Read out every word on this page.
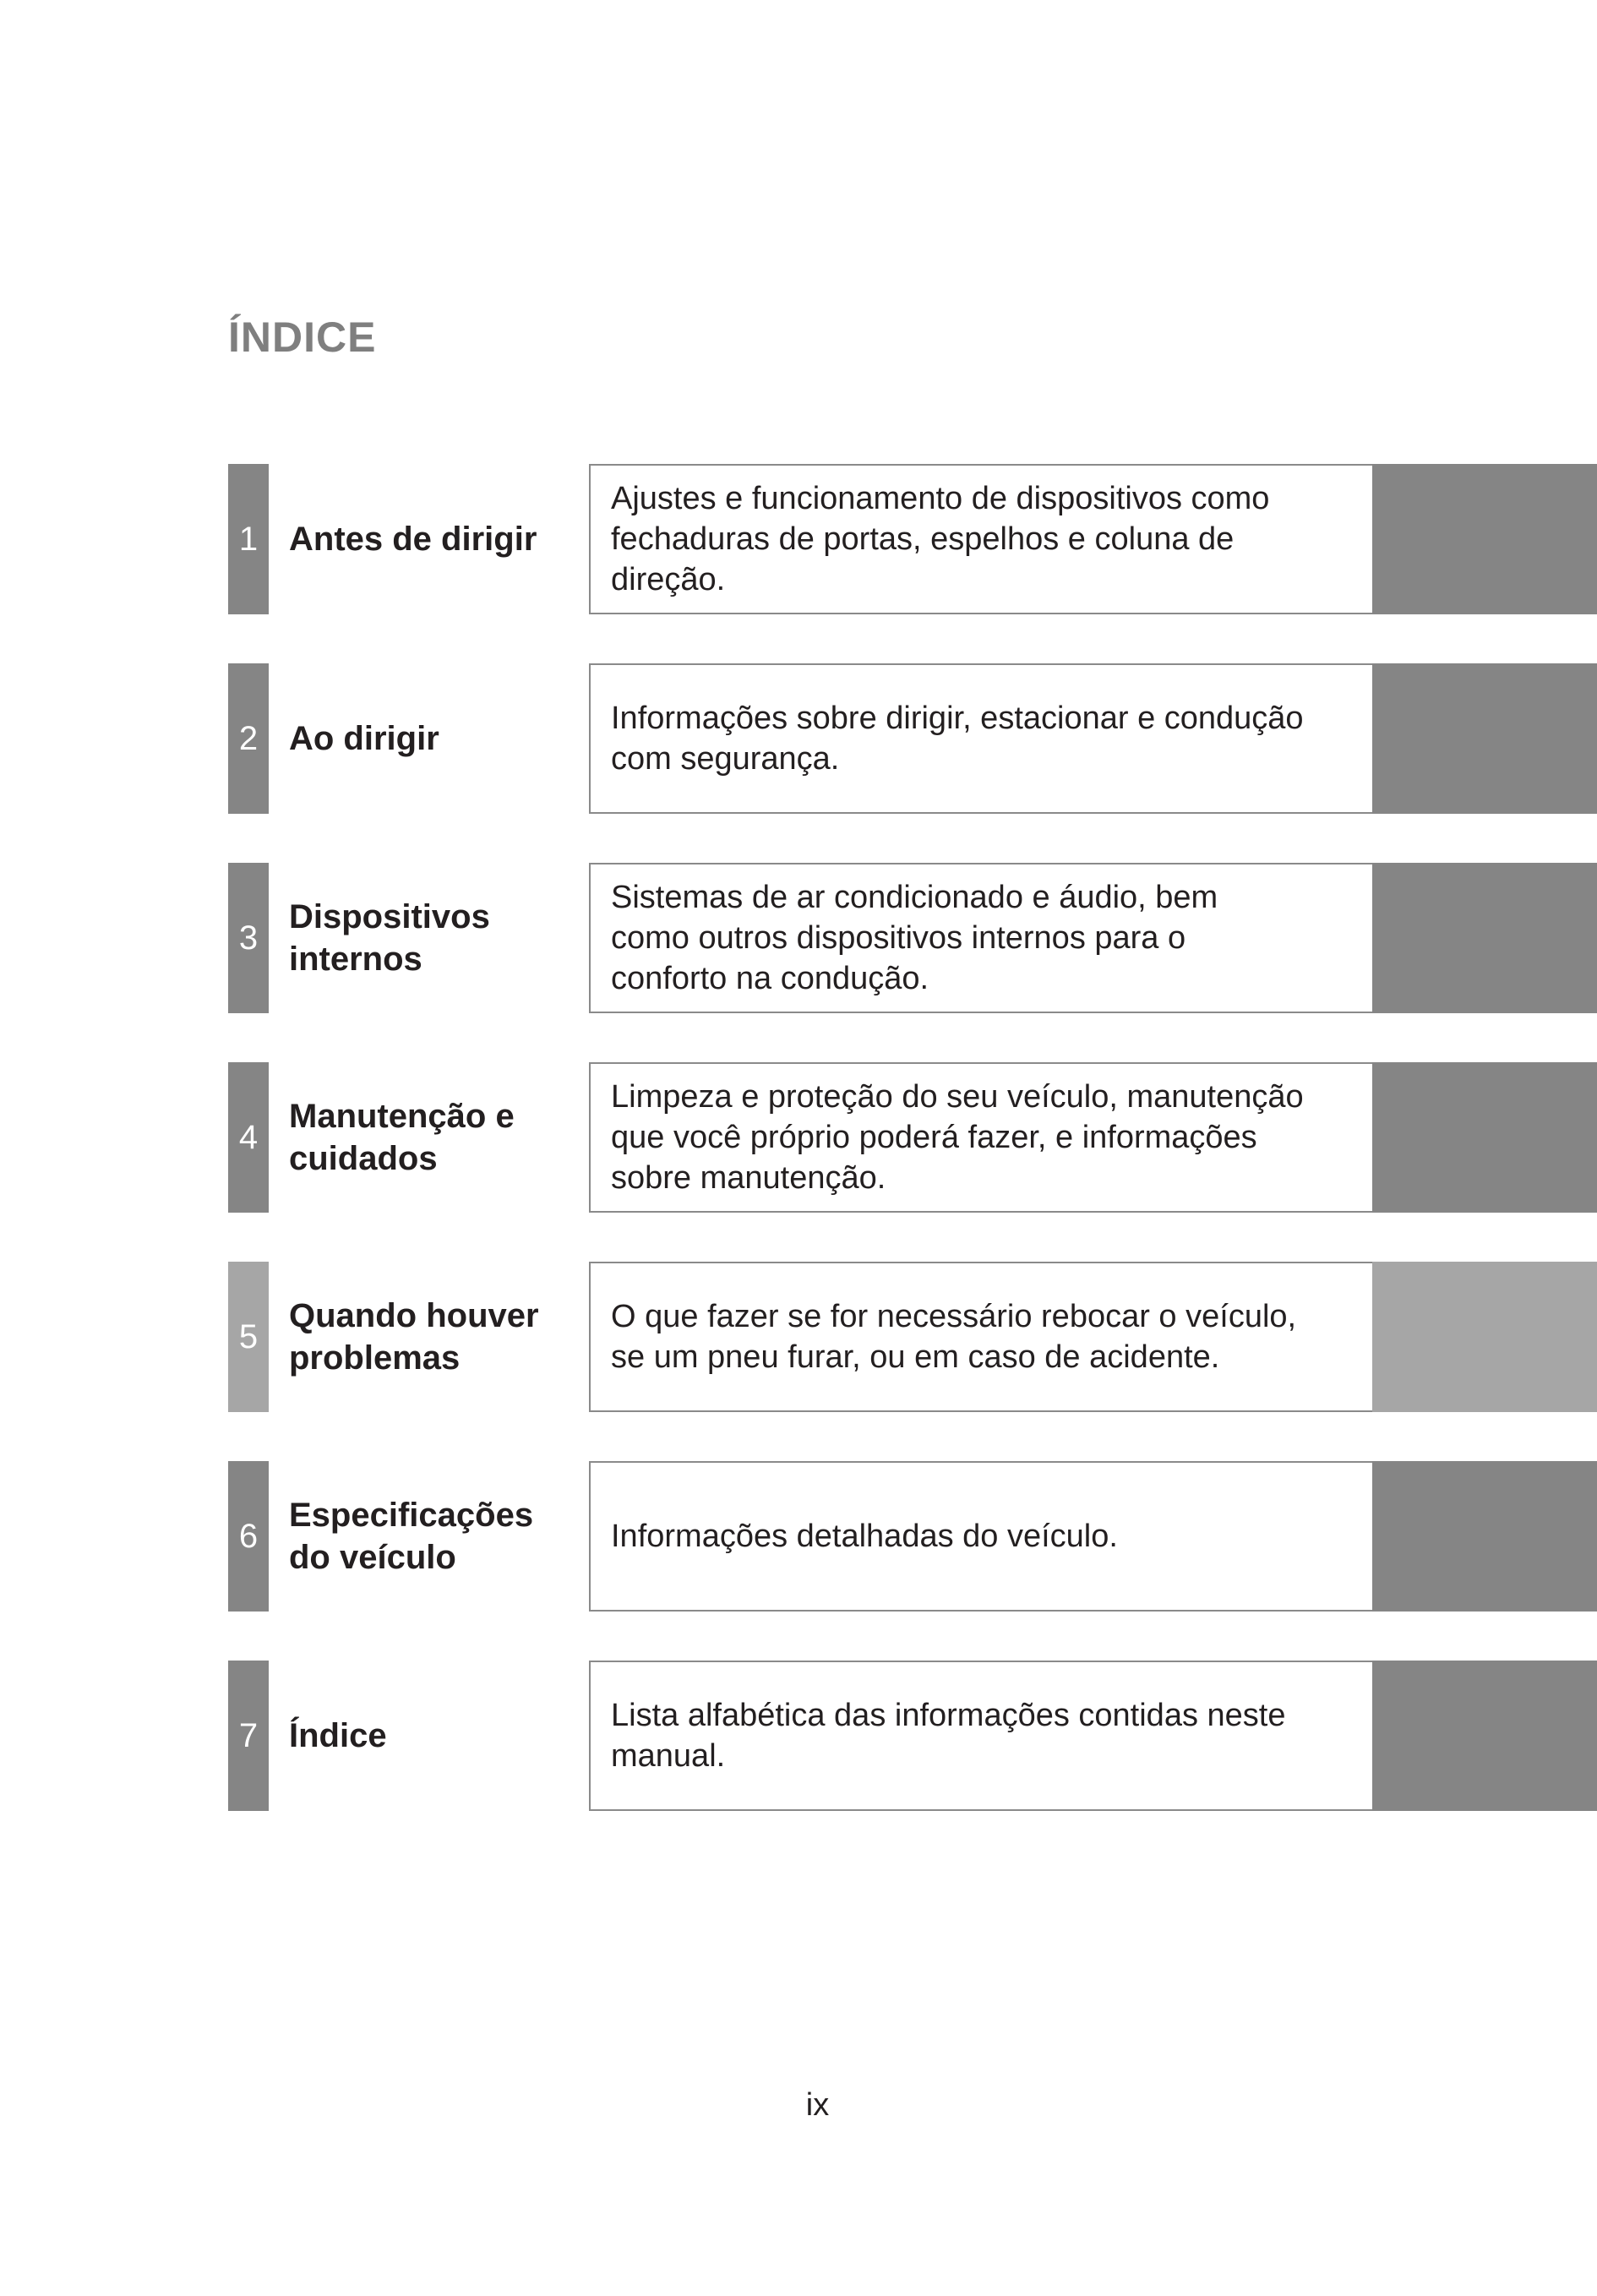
ÍNDICE
1 Antes de dirigir

Ajustes e funcionamento de dispositivos como
fechaduras de portas, espelhos e coluna de
direção.

2 Ao dirigir

Informações sobre dirigir, estacionar e condução
com segurança.

3
Dispositivos
internos

Sistemas de ar condicionado e áudio, bem
como outros dispositivos internos para o
conforto na condução.

4
Manutenção e
cuidados

Limpeza e proteção do seu veículo, manutenção
que você próprio poderá fazer, e informações
sobre manutenção.

5
Quando houver
problemas

O que fazer se for necessário rebocar o veículo,
se um pneu furar, ou em caso de acidente.

6
Especificações
do veículo

Informações detalhadas do veículo.

7 Índice

Lista alfabética das informações contidas neste
manual.

ix
